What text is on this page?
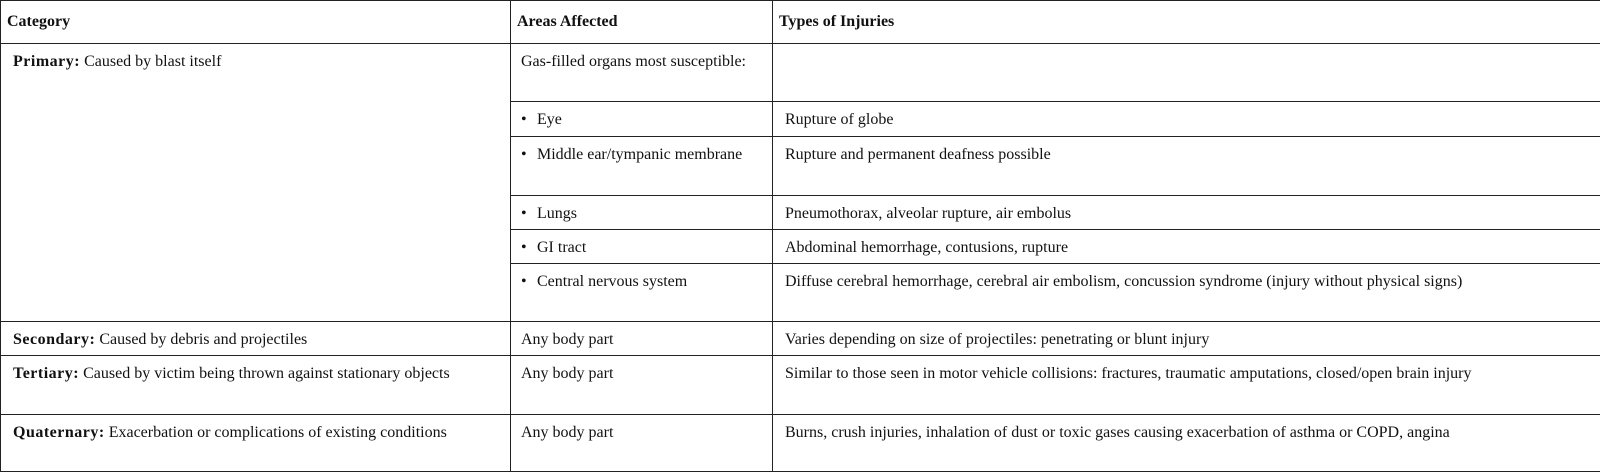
Category	Areas Affected	Types of Injuries
Primary: Caused by blast itself	Gas-filled organs most susceptible:	

	• Eye	Rupture of globe

	• Middle ear/tympanic membrane	Rupture and permanent deafness possible

	• Lungs	Pneumothorax, alveolar rupture, air embolus

	• GI tract	Abdominal hemorrhage, contusions, rupture

	• Central nervous system	Diffuse cerebral hemorrhage, cerebral air embolism, concussion syndrome (injury without physical signs)

Secondary: Caused by debris and projectiles	Any body part	Varies depending on size of projectiles: penetrating or blunt injury

Tertiary: Caused by victim being thrown against stationary objects	Any body part	Similar to those seen in motor vehicle collisions: fractures, traumatic amputations, closed/open brain injury

Quaternary: Exacerbation or complications of existing conditions	Any body part	Burns, crush injuries, inhalation of dust or toxic gases causing exacerbation of asthma or COPD, angina
